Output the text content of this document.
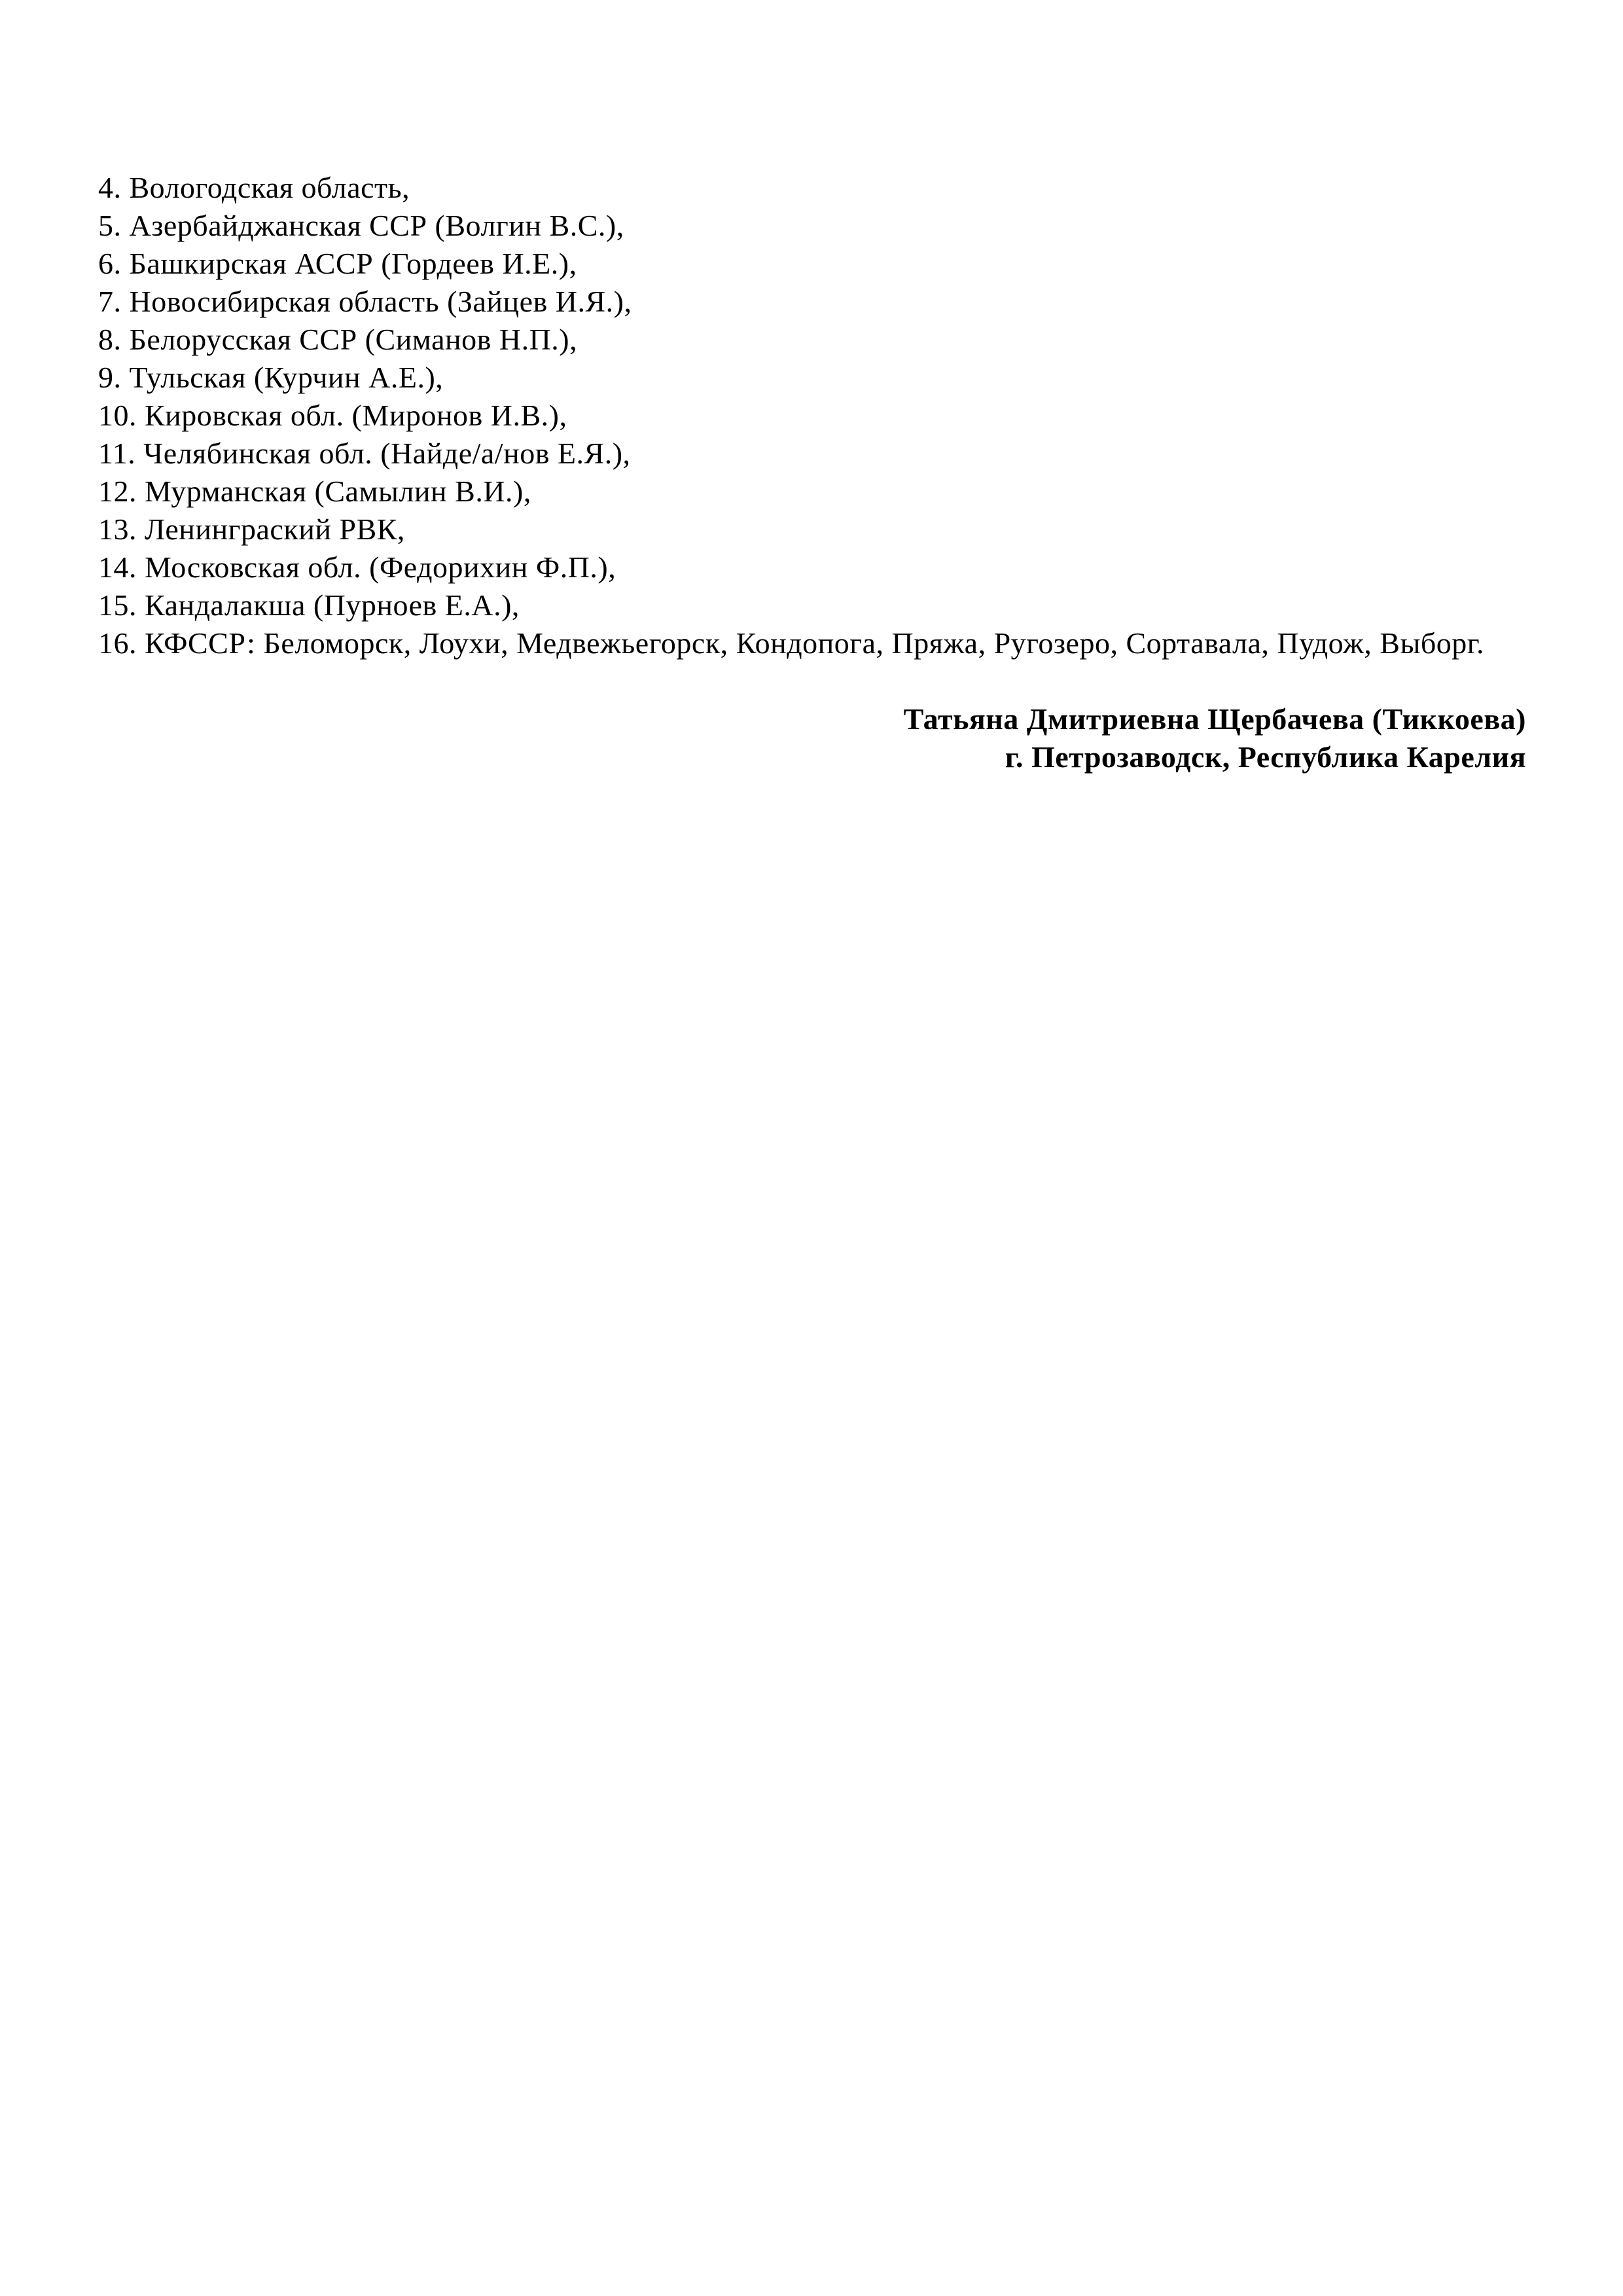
4. Вологодская область,

5. Азербайджанская ССР (Волгин В.С.),

6. Башкирская АССР (Гордеев И.Е.),

7. Новосибирская область (Зайцев И.Я.),

8. Белорусская ССР (Симанов Н.П.),

9. Тульская (Курчин А.Е.),

10. Кировская обл. (Миронов И.В.),

11. Челябинская обл. (Найде/а/нов Е.Я.),

12. Мурманская (Самылин В.И.),

13. Ленинграский РВК,

14. Московская обл. (Федорихин Ф.П.),

15. Кандалакша (Пурноев Е.А.),

16. КФССР: Беломорск, Лоухи, Медвежьегорск, Кондопога, Пряжа, Ругозеро, Сортавала, Пудож, Выборг.

Татьяна Дмитриевна Щербачева (Тиккоева)

г. Петрозаводск, Республика Карелия
